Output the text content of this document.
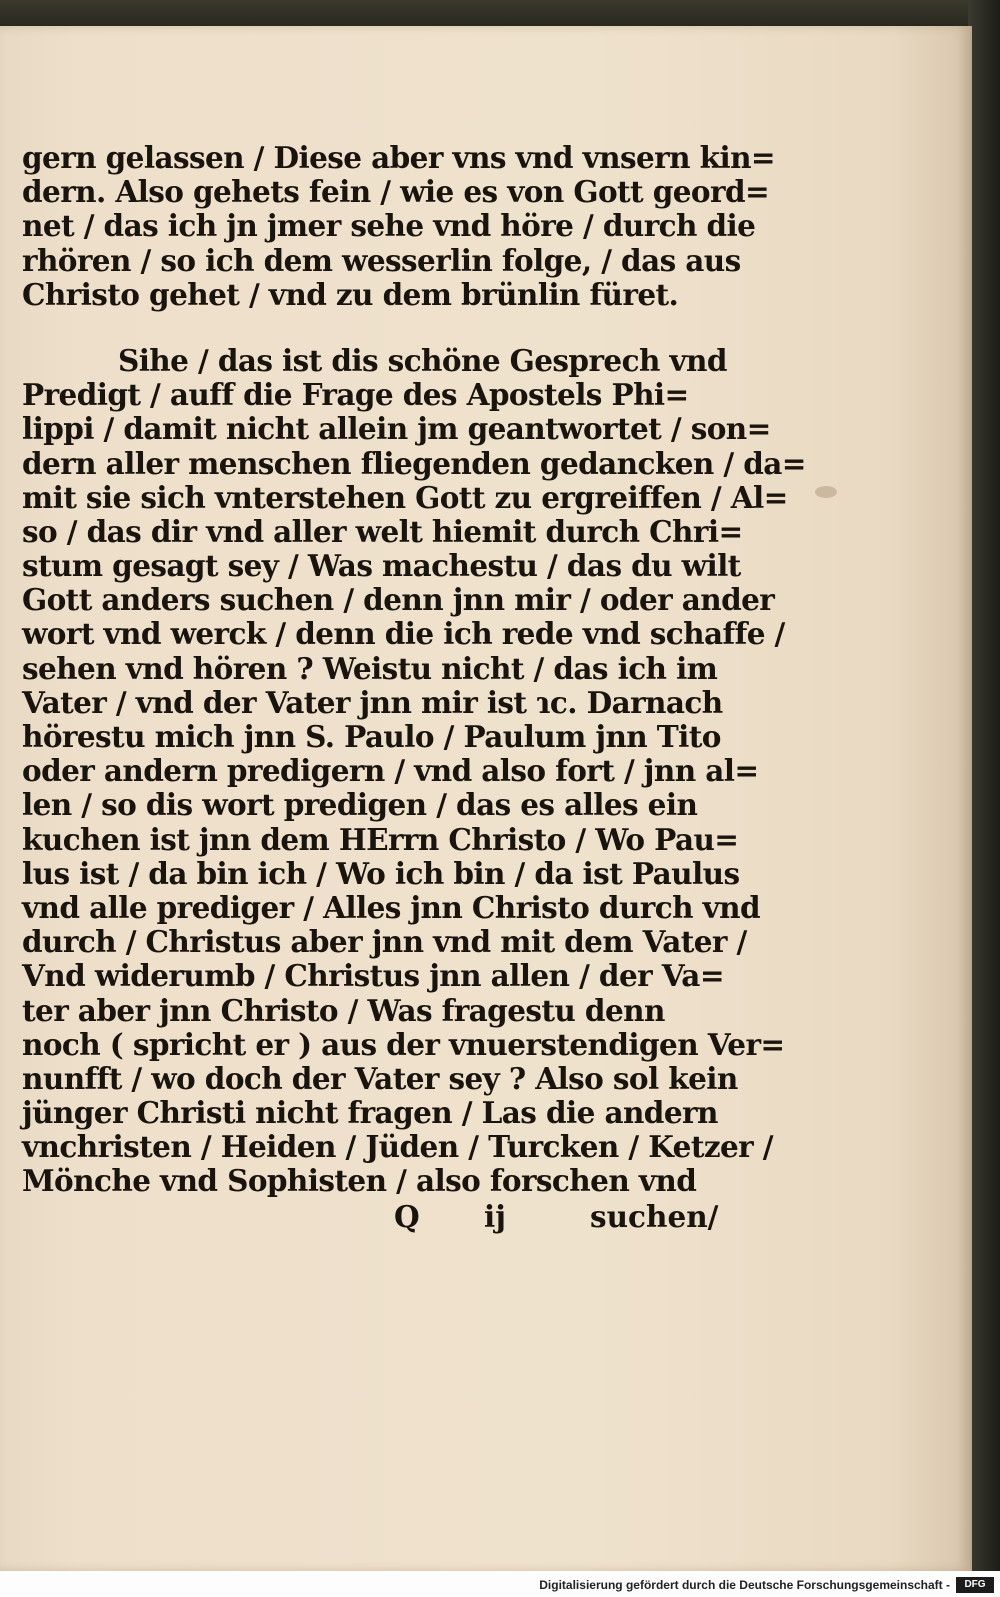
gern gelassen / Diese aber vns vnd vnsern kin=
dern. Also gehets fein / wie es von Gott geord=
net / das ich jn jmer sehe vnd höre / durch die
rhören / so ich dem wesserlin folge, / das aus
Christo gehet / vnd zu dem brünlin füret.
Sihe / das ist dis schöne Gesprech vnd
Predigt / auff die Frage des Apostels Phi=
lippi / damit nicht allein jm geantwortet / son=
dern aller menschen fliegenden gedancken / da=
mit sie sich vnterstehen Gott zu ergreiffen / Al=
so / das dir vnd aller welt hiemit durch Chri=
stum gesagt sey / Was machestu / das du wilt
Gott anders suchen / denn jnn mir / oder ander
wort vnd werck / denn die ich rede vnd schaffe /
sehen vnd hören ? Weistu nicht / das ich im
Vater / vnd der Vater jnn mir ist ɿc. Darnach
hörestu mich jnn S. Paulo / Paulum jnn Tito
oder andern predigern / vnd also fort / jnn al=
len / so dis wort predigen / das es alles ein
kuchen ist jnn dem HErrn Christo / Wo Pau=
lus ist / da bin ich / Wo ich bin / da ist Paulus
vnd alle prediger / Alles jnn Christo durch vnd
durch / Christus aber jnn vnd mit dem Vater /
Vnd widerumb / Christus jnn allen / der Va=
ter aber jnn Christo / Was fragestu denn
noch ( spricht er ) aus der vnuerstendigen Ver=
nunfft / wo doch der Vater sey ? Also sol kein
jünger Christi nicht fragen / Las die andern
vnchristen / Heiden / Jüden / Turcken / Ketzer /
Mönche vnd Sophisten / also forschen vnd
Q ij	suchen/
Digitalisierung gefördert durch die Deutsche Forschungsgemeinschaft -	DFG
